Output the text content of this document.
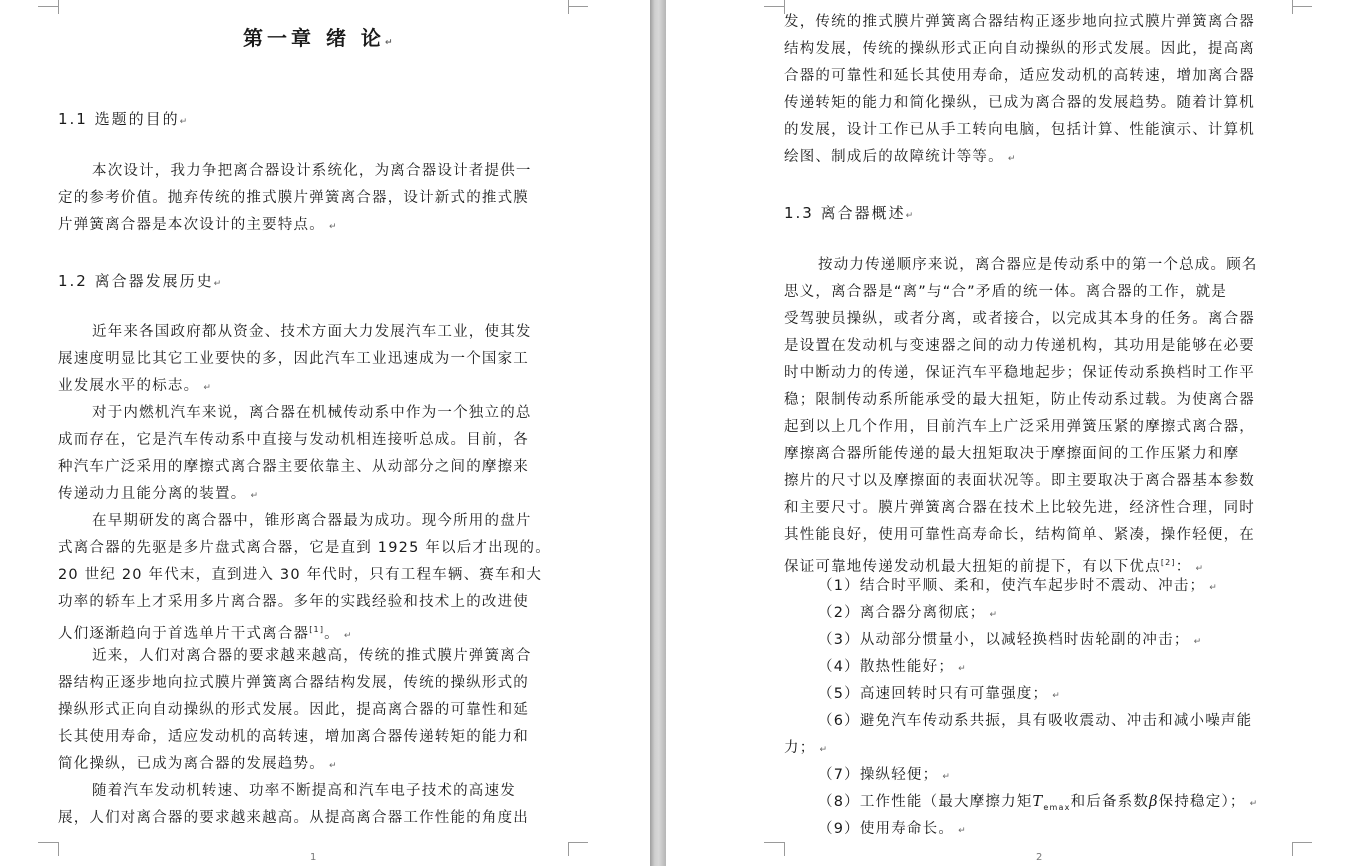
第一章 绪 论↵
1.1 选题的目的↵
本次设计，我力争把离合器设计系统化，为离合器设计者提供一
定的参考价值。抛弃传统的推式膜片弹簧离合器，设计新式的推式膜
片弹簧离合器是本次设计的主要特点。 ↵
1.2 离合器发展历史↵
近年来各国政府都从资金、技术方面大力发展汽车工业，使其发
展速度明显比其它工业要快的多，因此汽车工业迅速成为一个国家工
业发展水平的标志。 ↵
对于内燃机汽车来说，离合器在机械传动系中作为一个独立的总
成而存在，它是汽车传动系中直接与发动机相连接听总成。目前，各
种汽车广泛采用的摩擦式离合器主要依靠主、从动部分之间的摩擦来
传递动力且能分离的装置。 ↵
在早期研发的离合器中，锥形离合器最为成功。现今所用的盘片
式离合器的先驱是多片盘式离合器，它是直到 1925 年以后才出现的。
20 世纪 20 年代末，直到进入 30 年代时，只有工程车辆、赛车和大
功率的轿车上才采用多片离合器。多年的实践经验和技术上的改进使
人们逐渐趋向于首选单片干式离合器[1]。 ↵
近来，人们对离合器的要求越来越高，传统的推式膜片弹簧离合
器结构正逐步地向拉式膜片弹簧离合器结构发展，传统的操纵形式的
操纵形式正向自动操纵的形式发展。因此，提高离合器的可靠性和延
长其使用寿命，适应发动机的高转速，增加离合器传递转矩的能力和
简化操纵，已成为离合器的发展趋势。 ↵
随着汽车发动机转速、功率不断提高和汽车电子技术的高速发
展，人们对离合器的要求越来越高。从提高离合器工作性能的角度出
1
发，传统的推式膜片弹簧离合器结构正逐步地向拉式膜片弹簧离合器
结构发展，传统的操纵形式正向自动操纵的形式发展。因此，提高离
合器的可靠性和延长其使用寿命，适应发动机的高转速，增加离合器
传递转矩的能力和简化操纵，已成为离合器的发展趋势。随着计算机
的发展，设计工作已从手工转向电脑，包括计算、性能演示、计算机
绘图、制成后的故障统计等等。 ↵
1.3 离合器概述↵
按动力传递顺序来说，离合器应是传动系中的第一个总成。顾名
思义，离合器是“离”与“合”矛盾的统一体。离合器的工作，就是
受驾驶员操纵，或者分离，或者接合，以完成其本身的任务。离合器
是设置在发动机与变速器之间的动力传递机构，其功用是能够在必要
时中断动力的传递，保证汽车平稳地起步；保证传动系换档时工作平
稳；限制传动系所能承受的最大扭矩，防止传动系过载。为使离合器
起到以上几个作用，目前汽车上广泛采用弹簧压紧的摩擦式离合器，
摩擦离合器所能传递的最大扭矩取决于摩擦面间的工作压紧力和摩
擦片的尺寸以及摩擦面的表面状况等。即主要取决于离合器基本参数
和主要尺寸。膜片弹簧离合器在技术上比较先进，经济性合理，同时
其性能良好，使用可靠性高寿命长，结构简单、紧凑，操作轻便，在
保证可靠地传递发动机最大扭矩的前提下，有以下优点[2]： ↵
（1）结合时平顺、柔和，使汽车起步时不震动、冲击； ↵
（2）离合器分离彻底； ↵
（3）从动部分惯量小，以减轻换档时齿轮副的冲击； ↵
（4）散热性能好； ↵
（5）高速回转时只有可靠强度； ↵
（6）避免汽车传动系共振，具有吸收震动、冲击和减小噪声能
力； ↵
（7）操纵轻便； ↵
（8）工作性能（最大摩擦力矩$T_{emax}$和后备系数β保持稳定）； ↵
（9）使用寿命长。 ↵
2
